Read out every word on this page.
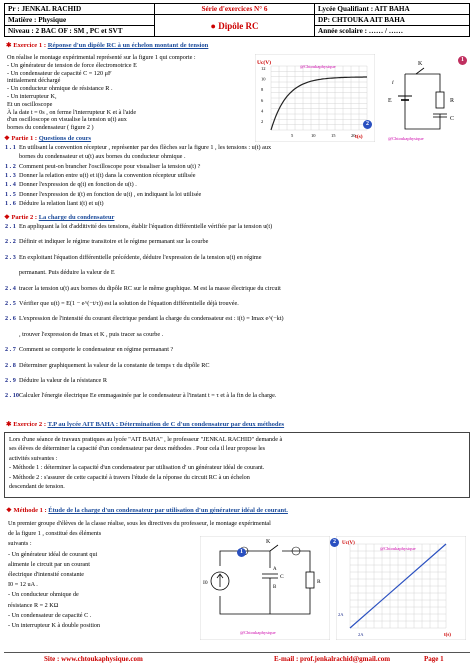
Pr : JENKAL RACHID	Série d'exercices N° 6	Lycée Qualifiant : AIT BAHA
Matière : Physique	● Dipôle RC	DP: CHTOUKA AIT BAHA
Niveau : 2 BAC OF : SM , PC et SVT		Année scolaire : …… / ……
✱ Exercice 1 : Réponse d'un dipôle RC à un échelon montant de tension
On réalise le montage expérimental représenté sur la figure 1 qui comporte :
- Un générateur de tension de force électromotrice E
- Un condensateur de capacité C = 120 μF
initialement déchargé
- Un conducteur ohmique de résistance R .
- Un interrupteur K,
Et un oscilloscope
À la date t = 0s , on ferme l'interrupteur K et à l'aide
d'un oscilloscope on visualise la tension u(t) aux
bornes du condensateur ( figure 2 )
Uc(V)
t(s)
@Chtoukaphysique
12
10
8
6
4
2
5	10	15	20
2
K
i
R
C
E
@Chtoukaphysique
1
❖ Partie 1 : Questions de cours
1 . 1 En utilisant la convention récepteur , représenter par des flèches sur la figure 1 , les tensions : u(t) aux
bornes du condensateur et u(t) aux bornes du conducteur ohmique .
1 . 2 Comment peut-on brancher l'oscilloscope pour visualiser la tension u(t) ?
1 . 3 Donner la relation entre u(t) et i(t) dans la convention récepteur utilisée
1 . 4 Donner l'expression de q(t) en fonction de u(t) .
1 . 5 Donner l'expression de i(t) en fonction de u(t) , en indiquant la loi utilisée
1 . 6 Déduire la relation liant i(t) et u(t)
❖ Partie 2 : La charge du condensateur
2 . 1 En appliquant la loi d'additivité des tensions, établir l'équation différentielle vérifiée par la tension u(t)
2 . 2 Définir et indiquer le régime transitoire et le régime permanant sur la courbe
2 . 3 En exploitant l'équation différentielle précédente, déduire l'expression de la tension u(t) en régime
permanant. Puis déduire la valeur de E
2 . 4 tracer la tension u(t) aux bornes du dipôle RC sur le même graphique. M est la masse électrique du circuit
2 . 5 Vérifier que u(t) = E(1 − e^(−t/τ)) est la solution de l'équation différentielle déjà trouvée.
2 . 6 L'expression de l'intensité du courant électrique pendant la charge du condensateur est : i(t) = Imax e^(−kt)
, trouver l'expression de Imax et K , puis tracer sa courbe .
2 . 7 Comment se comporte le condensateur en régime permanant ?
2 . 8 Déterminer graphiquement la valeur de la constante de temps τ du dipôle RC
2 . 9 Déduire la valeur de la résistance R
2 . 10Calculer l'énergie électrique Ee emmagasinée par le condensateur à l'instant t = τ et à la fin de la charge.
✱ Exercice 2 : T.P au lycée AIT BAHA : Détermination de C d'un condensateur par deux méthodes
Lors d'une séance de travaux pratiques au lycée "AIT BAHA" , le professeur "JENKAL RACHID" demande à
ses élèves de déterminer la capacité d'un condensateur par deux méthodes . Pour cela il leur propose les
activités suivantes :
- Méthode 1 : déterminer la capacité d'un condensateur par utilisation d' un générateur idéal de courant.
- Méthode 2 : s'assurer de cette capacité à travers l'étude de la réponse du circuit RC à un échelon
descendant de tension.
❖ Méthode 1 : Étude de la charge d'un condensateur par utilisation d'un générateur idéal de courant.
Un premier groupe d'élèves de la classe réalise, sous les directives du professeur, le montage expérimental
de la figure 1 , constitué des éléments
suivants :
- Un générateur idéal de courant qui
alimente le circuit par un courant
électrique d'intensité constante
I0 = 12 uA .
- Un conducteur ohmique de
résistance R = 2 KΩ
- Un condensateur de capacité C .
- Un interrupteur K à double position
K
I0
C
A
B
R
@Chtoukaphysique
1
Uc(V)
t(s)
2A
2A
@Chtoukaphysique
2
Site : www.chtoukaphysique.com	E-mail : prof.jenkalrachid@gmail.com	Page 1
